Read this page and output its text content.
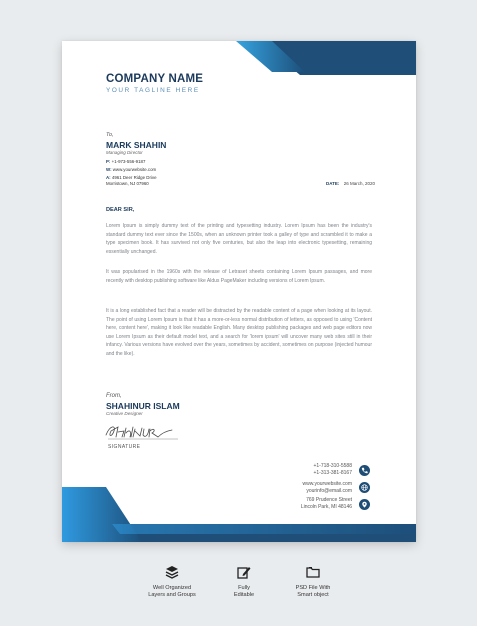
COMPANY NAME
YOUR TAGLINE HERE
To,
MARK SHAHIN
Managing Director
P: +1-973-556-9187
W: www.yourwebsite.com
A: 4961 Deer Ridge Drive
Morristown, NJ 07960	DATE: 26 March, 2020
DEAR SIR,

Lorem Ipsum is simply dummy text of the printing and typesetting industry. Lorem Ipsum has been the industry's standard dummy text ever since the 1500s, when an unknown printer took a galley of type and scrambled it to make a type specimen book. It has survived not only five centuries, but also the leap into electronic typesetting, remaining essentially unchanged.

It was popularised in the 1960s with the release of Letraset sheets containing Lorem Ipsum passages, and more recently with desktop publishing software like Aldus PageMaker including versions of Lorem Ipsum.

It is a long established fact that a reader will be distracted by the readable content of a page when looking at its layout. The point of using Lorem Ipsum is that it has a more-or-less normal distribution of letters, as opposed to using 'Content here, content here', making it look like readable English. Many desktop publishing packages and web page editors now use Lorem Ipsum as their default model text, and a search for 'lorem ipsum' will uncover many web sites still in their infancy. Various versions have evolved over the years, sometimes by accident, sometimes on purpose (injected humour and the like).

From,
SHAHINUR ISLAM
Creative Designer
SIGNATURE
+1-718-310-5588
+1-313-381-8167
www.yourwebsite.com
yourinfo@email.com
769 Prudence Street
Lincoln Park, MI 48146
Well Organized
Layers and Groups
Fully
Editable
PSD File With
Smart object
